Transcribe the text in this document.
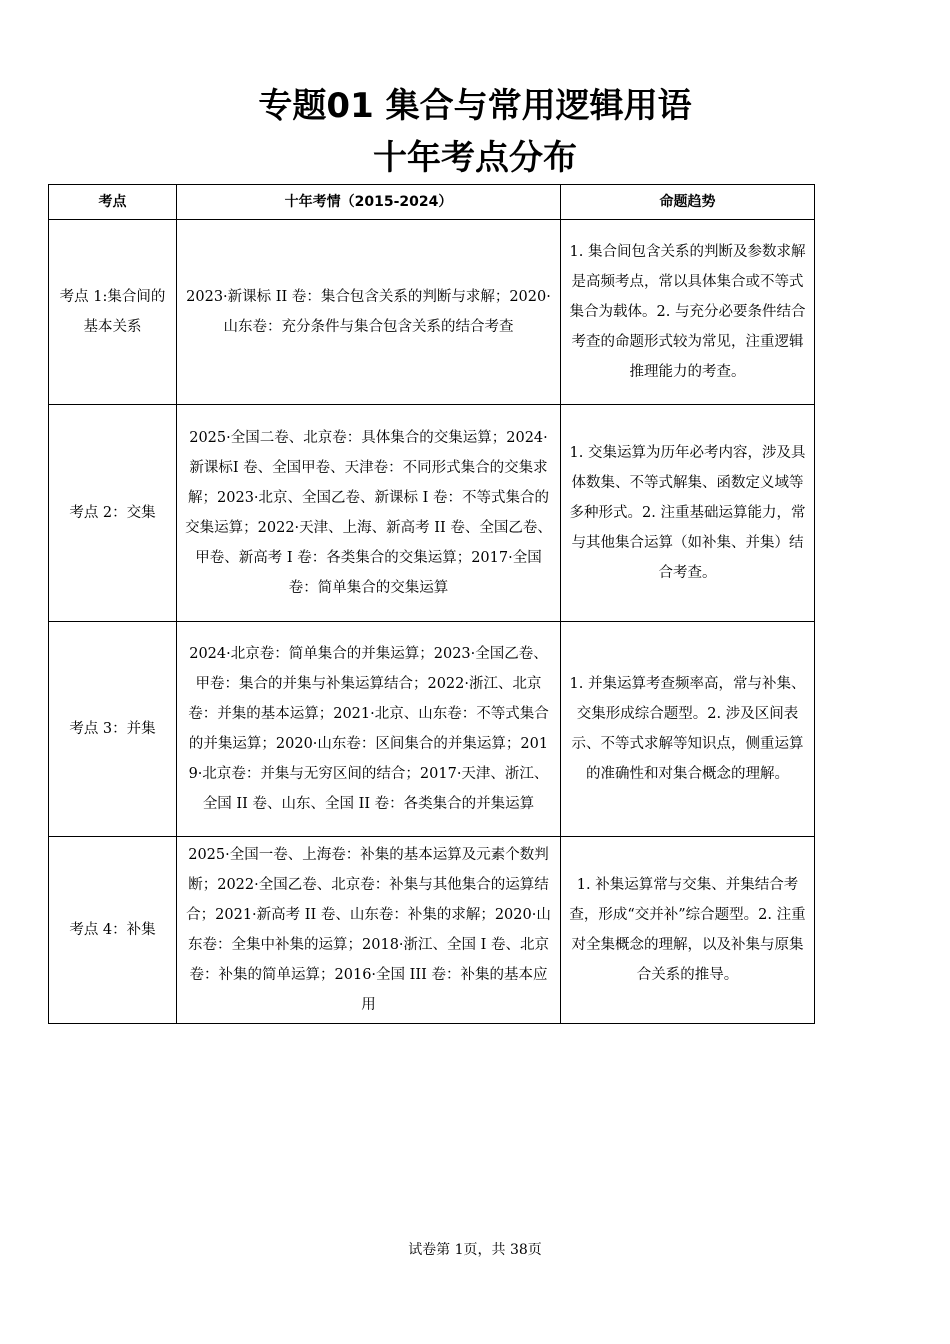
专题01 集合与常用逻辑用语
十年考点分布
考点	十年考情（2015-2024）	命题趋势
考点 1:集合间的基本关系	2023·新课标 II 卷：集合包含关系的判断与求解；2020·山东卷：充分条件与集合包含关系的结合考查	1. 集合间包含关系的判断及参数求解是高频考点，常以具体集合或不等式集合为载体。2. 与充分必要条件结合考查的命题形式较为常见，注重逻辑推理能力的考查。
考点 2：交集	2025·全国二卷、北京卷：具体集合的交集运算；2024·新课标I 卷、全国甲卷、天津卷：不同形式集合的交集求解；2023·北京、全国乙卷、新课标 I 卷：不等式集合的交集运算；2022·天津、上海、新高考 II 卷、全国乙卷、甲卷、新高考 I 卷：各类集合的交集运算；2017·全国卷：简单集合的交集运算	1. 交集运算为历年必考内容，涉及具体数集、不等式解集、函数定义域等多种形式。2. 注重基础运算能力，常与其他集合运算（如补集、并集）结合考查。
考点 3：并集	2024·北京卷：简单集合的并集运算；2023·全国乙卷、甲卷：集合的并集与补集运算结合；2022·浙江、北京卷：并集的基本运算；2021·北京、山东卷：不等式集合的并集运算；2020·山东卷：区间集合的并集运算；2019·北京卷：并集与无穷区间的结合；2017·天津、浙江、全国 II 卷、山东、全国 II 卷：各类集合的并集运算	1. 并集运算考查频率高，常与补集、交集形成综合题型。2. 涉及区间表示、不等式求解等知识点，侧重运算的准确性和对集合概念的理解。
考点 4：补集	2025·全国一卷、上海卷：补集的基本运算及元素个数判断；2022·全国乙卷、北京卷：补集与其他集合的运算结合；2021·新高考 II 卷、山东卷：补集的求解；2020·山东卷：全集中补集的运算；2018·浙江、全国 I 卷、北京卷：补集的简单运算；2016·全国 III 卷：补集的基本应用	1. 补集运算常与交集、并集结合考查，形成“交并补”综合题型。2. 注重对全集概念的理解，以及补集与原集合关系的推导。
试卷第 1页，共 38页
